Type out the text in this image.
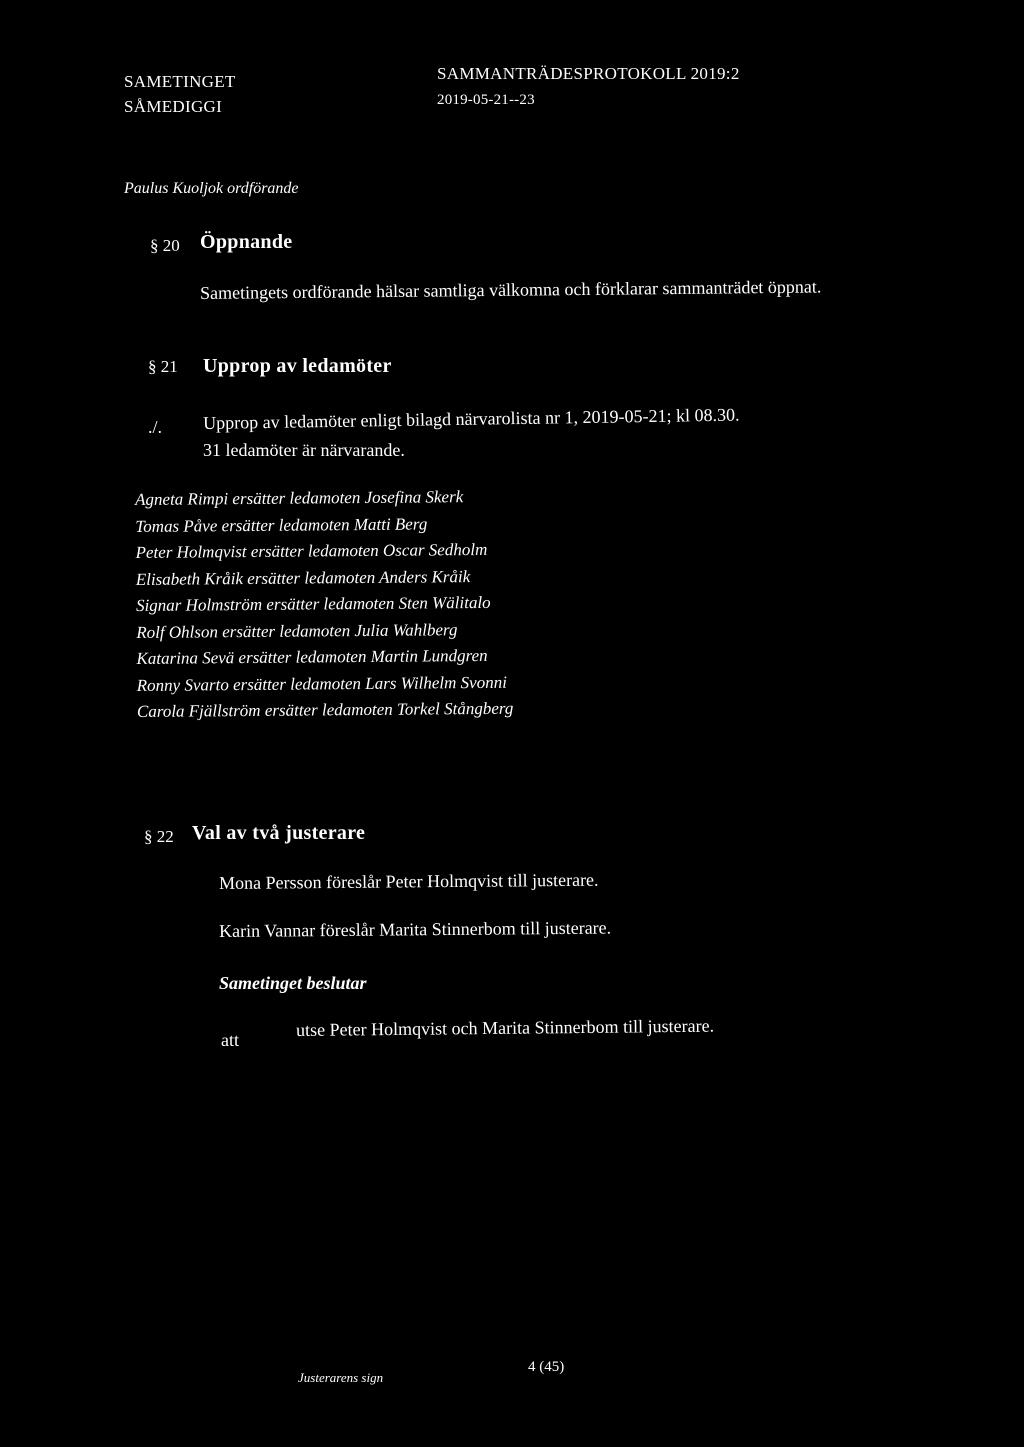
SAMETINGET
SÅMEDIGGI
SAMMANTRÄDESPROTOKOLL 2019:2
2019-05-21--23
Paulus Kuoljok ordförande
§ 20 Öppnande
Sametingets ordförande hälsar samtliga välkomna och förklarar sammanträdet öppnat.
§ 21 Upprop av ledamöter
./. Upprop av ledamöter enligt bilagd närvarolista nr 1, 2019-05-21; kl 08.30.
31 ledamöter är närvarande.
Agneta Rimpi ersätter ledamoten Josefina Skerk
Tomas Påve ersätter ledamoten Matti Berg
Peter Holmqvist ersätter ledamoten Oscar Sedholm
Elisabeth Kråik ersätter ledamoten Anders Kråik
Signar Holmström ersätter ledamoten Sten Wälitalo
Rolf Ohlson ersätter ledamoten Julia Wahlberg
Katarina Sevä ersätter ledamoten Martin Lundgren
Ronny Svarto ersätter ledamoten Lars Wilhelm Svonni
Carola Fjällström ersätter ledamoten Torkel Stångberg
§ 22 Val av två justerare
Mona Persson föreslår Peter Holmqvist till justerare.
Karin Vannar föreslår Marita Stinnerbom till justerare.
Sametinget beslutar
att
utse Peter Holmqvist och Marita Stinnerbom till justerare.
Justerarens sign
4 (45)
